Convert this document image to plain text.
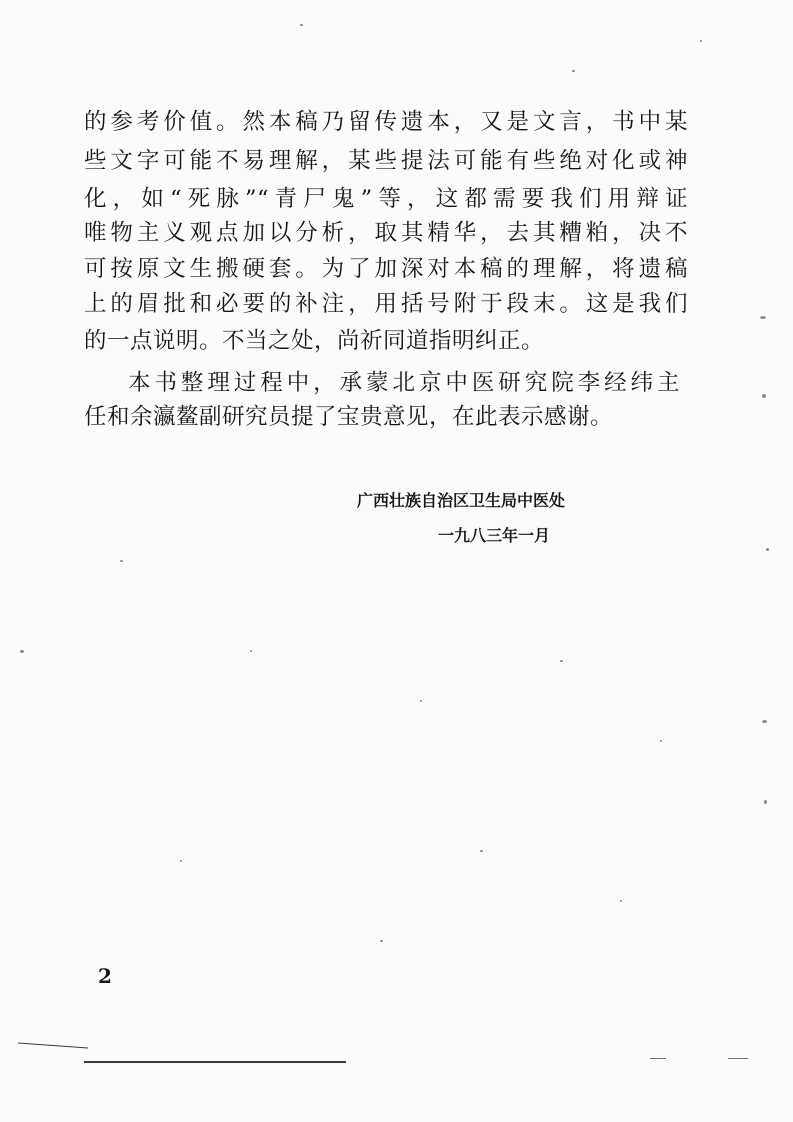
的参考价值。然本稿乃留传遗本，又是文言，书中某
些文字可能不易理解，某些提法可能有些绝对化或神
化，如“死脉”“青尸鬼”等，这都需要我们用辩证
唯物主义观点加以分析，取其精华，去其糟粕，决不
可按原文生搬硬套。为了加深对本稿的理解，将遗稿
上的眉批和必要的补注，用括号附于段末。这是我们
的一点说明。不当之处，尚祈同道指明纠正。
本书整理过程中，承蒙北京中医研究院李经纬主
任和余瀛鳌副研究员提了宝贵意见，在此表示感谢。
广西壮族自治区卫生局中医处
一九八三年一月
2
